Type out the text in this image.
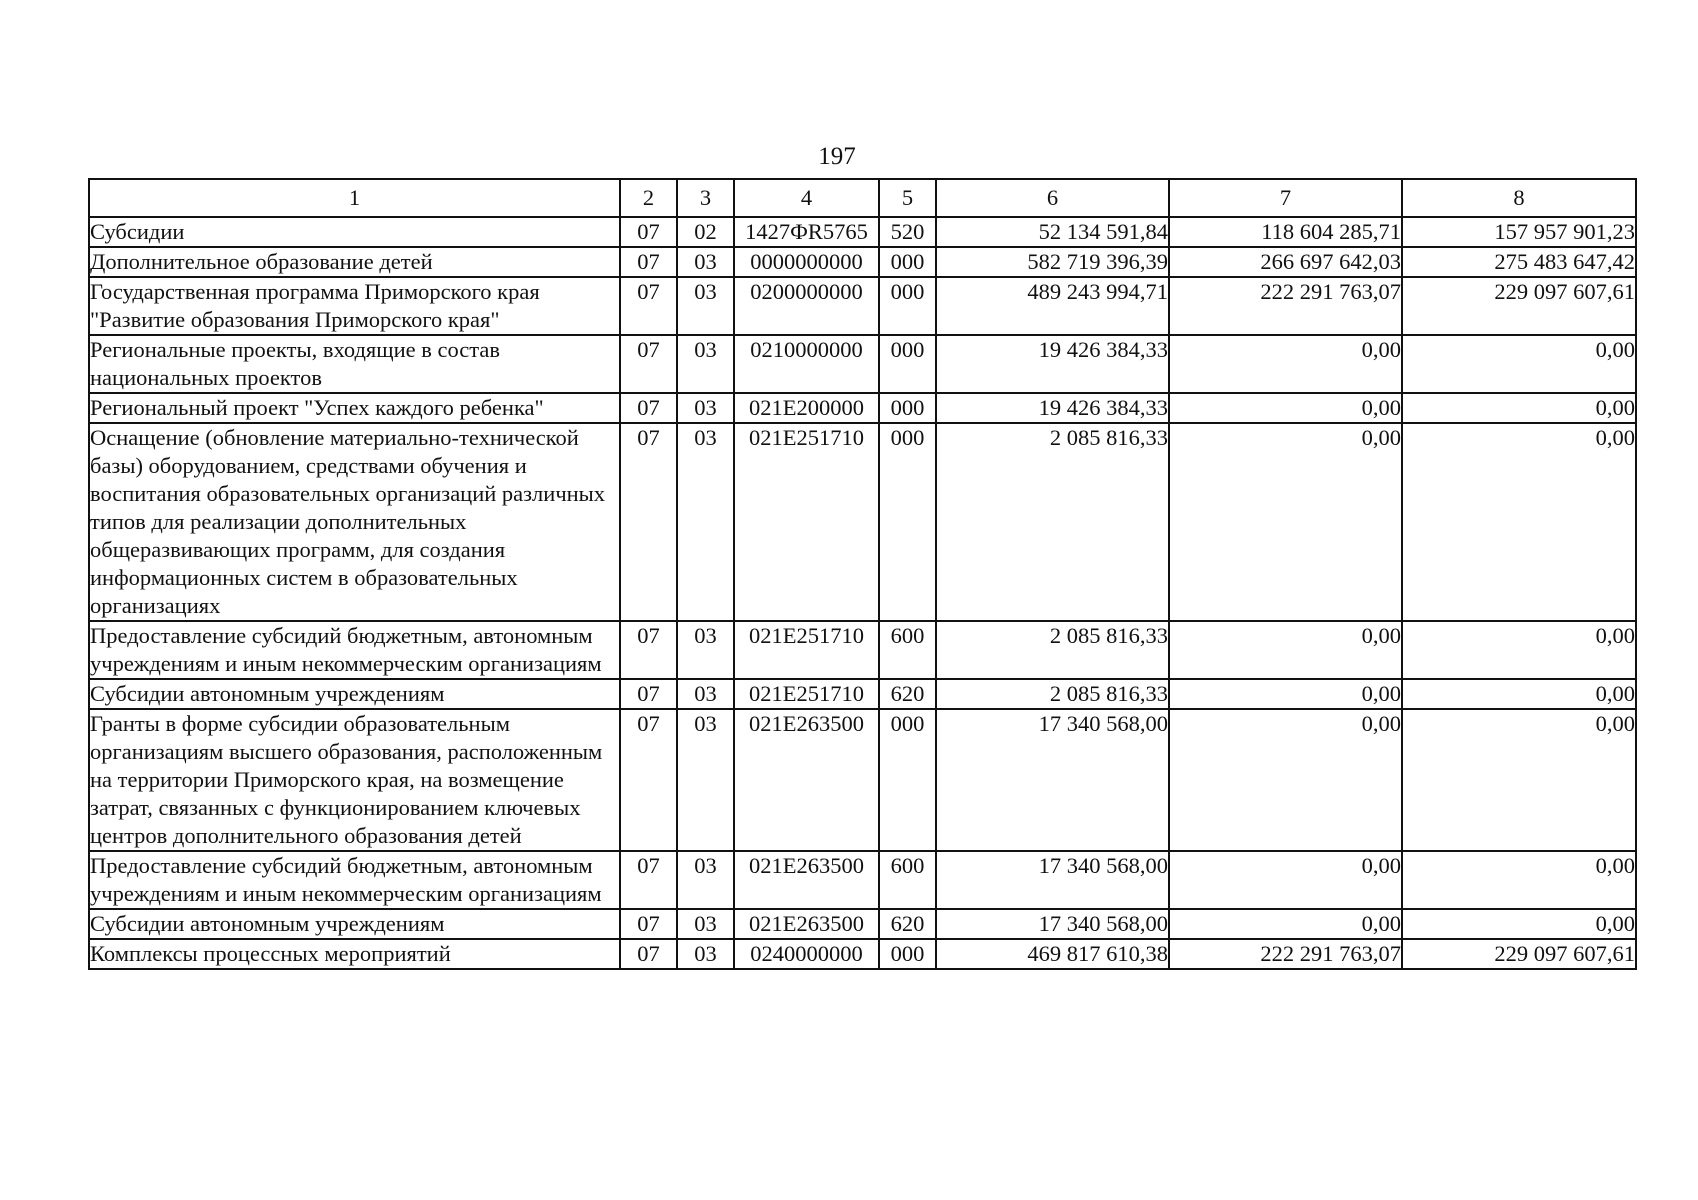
197
1	2	3	4	5	6	7	8
Субсидии	07	02	1427ФR5765	520	52 134 591,84	118 604 285,71	157 957 901,23
Дополнительное образование детей	07	03	0000000000	000	582 719 396,39	266 697 642,03	275 483 647,42
Государственная программа Приморского края "Развитие образования Приморского края"	07	03	0200000000	000	489 243 994,71	222 291 763,07	229 097 607,61
Региональные проекты, входящие в состав национальных проектов	07	03	0210000000	000	19 426 384,33	0,00	0,00
Региональный проект "Успех каждого ребенка"	07	03	021E200000	000	19 426 384,33	0,00	0,00
Оснащение (обновление материально-технической базы) оборудованием, средствами обучения и воспитания образовательных организаций различных типов для реализации дополнительных общеразвивающих программ, для создания информационных систем в образовательных организациях	07	03	021E251710	000	2 085 816,33	0,00	0,00
Предоставление субсидий бюджетным, автономным учреждениям и иным некоммерческим организациям	07	03	021E251710	600	2 085 816,33	0,00	0,00
Субсидии автономным учреждениям	07	03	021E251710	620	2 085 816,33	0,00	0,00
Гранты в форме субсидии образовательным организациям высшего образования, расположенным на территории Приморского края, на возмещение затрат, связанных с функционированием ключевых центров дополнительного образования детей	07	03	021E263500	000	17 340 568,00	0,00	0,00
Предоставление субсидий бюджетным, автономным учреждениям и иным некоммерческим организациям	07	03	021E263500	600	17 340 568,00	0,00	0,00
Субсидии автономным учреждениям	07	03	021E263500	620	17 340 568,00	0,00	0,00
Комплексы процессных мероприятий	07	03	0240000000	000	469 817 610,38	222 291 763,07	229 097 607,61
